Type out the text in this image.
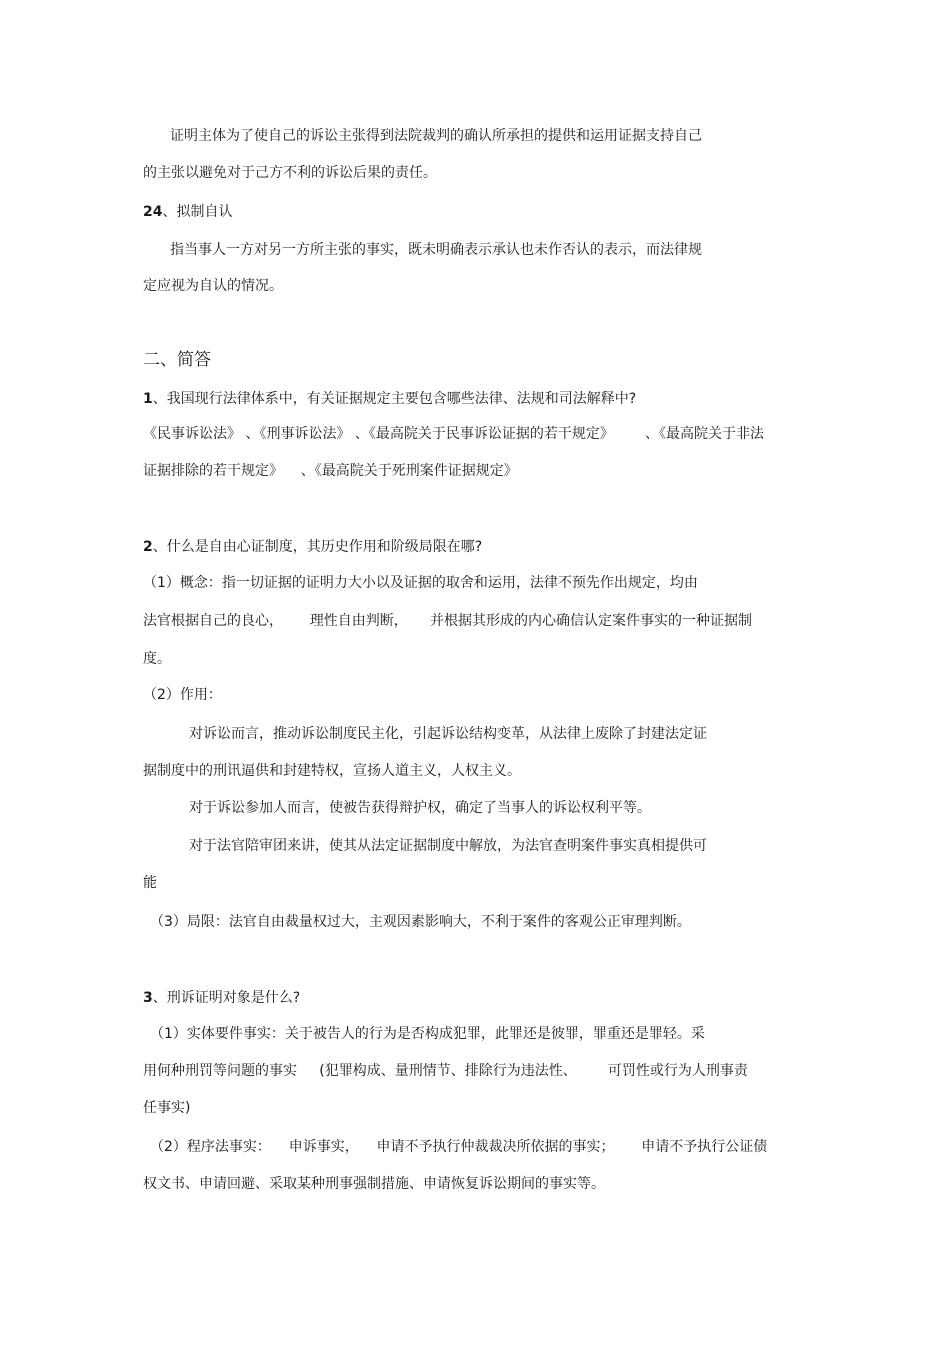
证明主体为了使自己的诉讼主张得到法院裁判的确认所承担的提供和运用证据支持自己
的主张以避免对于己方不利的诉讼后果的责任。
24、拟制自认
指当事人一方对另一方所主张的事实，既未明确表示承认也未作否认的表示，而法律规
定应视为自认的情况。
二、简答
1、我国现行法律体系中，有关证据规定主要包含哪些法律、法规和司法解释中?
《民事诉讼法》 、《刑事诉讼法》 、《最高院关于民事诉讼证据的若干规定》       、《最高院关于非法
证据排除的若干规定》    、《最高院关于死刑案件证据规定》
2、什么是自由心证制度，其历史作用和阶级局限在哪?
（1）概念：指一切证据的证明力大小以及证据的取舍和运用，法律不预先作出规定，均由
法官根据自己的良心，      理性自由判断，     并根据其形成的内心确信认定案件事实的一种证据制
度。
（2）作用：
对诉讼而言，推动诉讼制度民主化，引起诉讼结构变革，从法律上废除了封建法定证
据制度中的刑讯逼供和封建特权，宣扬人道主义，人权主义。
对于诉讼参加人而言，使被告获得辩护权，确定了当事人的诉讼权利平等。
对于法官陪审团来讲，使其从法定证据制度中解放，为法官查明案件事实真相提供可
能
（3）局限：法官自由裁量权过大，主观因素影响大，不利于案件的客观公正审理判断。
3、刑诉证明对象是什么?
（1）实体要件事实：关于被告人的行为是否构成犯罪，此罪还是彼罪，罪重还是罪轻。采
用何种刑罚等问题的事实     (犯罪构成、量刑情节、排除行为违法性、       可罚性或行为人刑事责
任事实)
（2）程序法事实：    申诉事实，    申请不予执行仲裁裁决所依据的事实；      申请不予执行公证债
权文书、申请回避、采取某种刑事强制措施、申请恢复诉讼期间的事实等。
